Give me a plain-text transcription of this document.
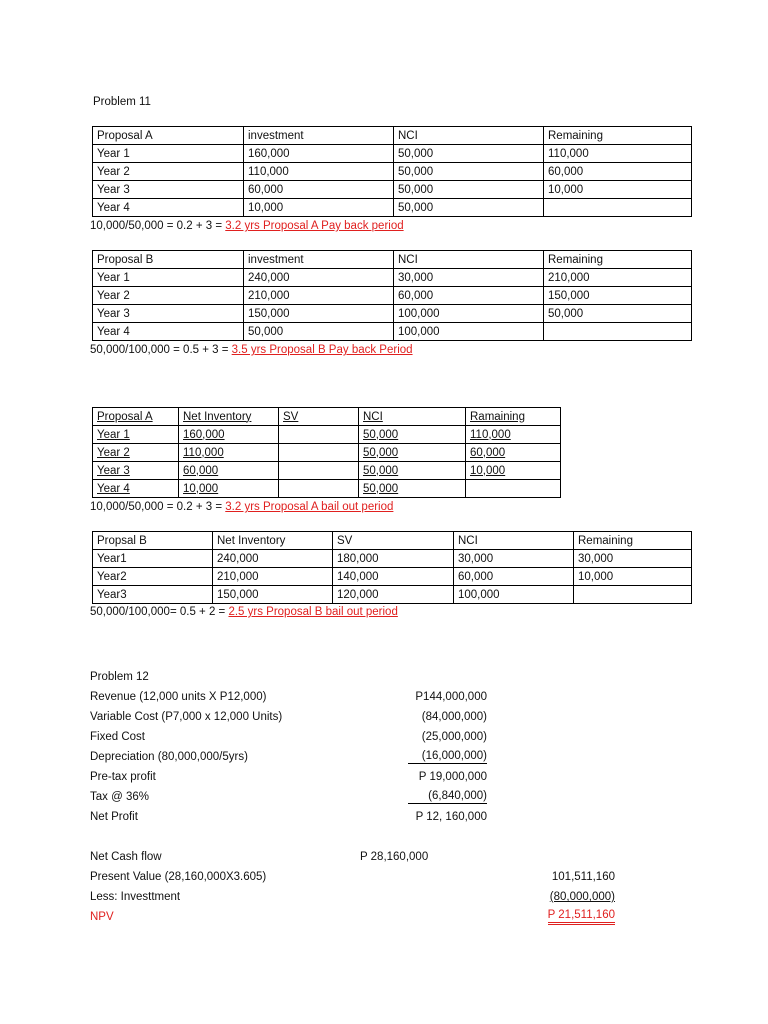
Problem 11
Proposal A	investment	NCI	Remaining
Year 1	160,000	50,000	110,000
Year 2	110,000	50,000	60,000
Year 3	60,000	50,000	10,000
Year 4	10,000	50,000	
10,000/50,000 = 0.2 + 3 = 3.2 yrs Proposal A Pay back period
Proposal B	investment	NCI	Remaining
Year 1	240,000	30,000	210,000
Year 2	210,000	60,000	150,000
Year 3	150,000	100,000	50,000
Year 4	50,000	100,000	
50,000/100,000 = 0.5 + 3 = 3.5 yrs Proposal B Pay back Period
Proposal A	Net Inventory	SV	NCI	Ramaining
Year 1	160,000		50,000	110,000
Year 2	110,000		50,000	60,000
Year 3	60,000		50,000	10,000
Year 4	10,000		50,000	
10,000/50,000 = 0.2 + 3 = 3.2 yrs Proposal A bail out period
Propsal B	Net Inventory	SV	NCI	Remaining
Year1	240,000	180,000	30,000	30,000
Year2	210,000	140,000	60,000	10,000
Year3	150,000	120,000	100,000	
50,000/100,000= 0.5 + 2 = 2.5 yrs Proposal B bail out period
Problem 12
Revenue (12,000 units X P12,000)	P144,000,000
Variable Cost (P7,000 x 12,000 Units)	(84,000,000)
Fixed Cost	(25,000,000)
Depreciation (80,000,000/5yrs)	(16,000,000)
Pre-tax profit	P 19,000,000
Tax @ 36%	(6,840,000)
Net Profit	P 12, 160,000
Net Cash flow	P 28,160,000
Present Value (28,160,000X3.605)	101,511,160
Less: Investtment	(80,000,000)
NPV	P 21,511,160
